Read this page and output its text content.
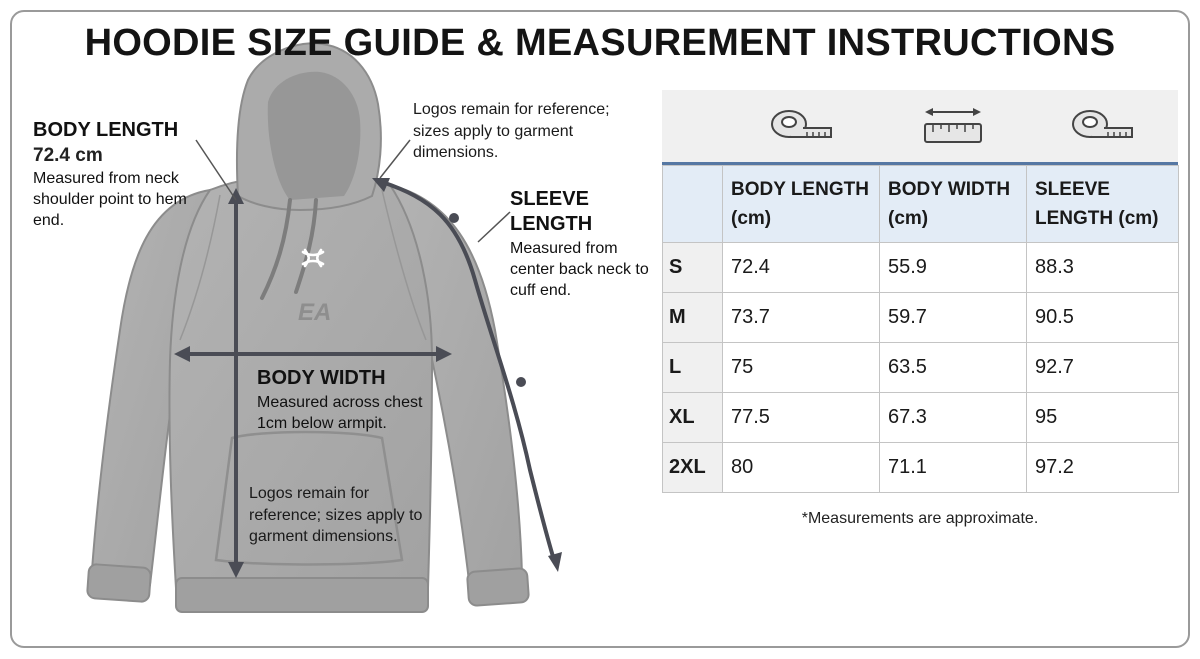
HOODIE SIZE GUIDE & MEASUREMENT INSTRUCTIONS
EA
BODY LENGTH
72.4 cm
Measured from neck shoulder point to hem end.
SLEEVE
LENGTH
Measured from center back neck to cuff end.
BODY WIDTH
Measured across chest 1cm below armpit.
Logos remain for reference; sizes apply to garment dimensions.
Logos remain for reference; sizes apply to garment dimensions.
	BODY LENGTH (cm)	BODY WIDTH (cm)	SLEEVE LENGTH (cm)
S	72.4	55.9	88.3
M	73.7	59.7	90.5
L	75	63.5	92.7
XL	77.5	67.3	95
2XL	80	71.1	97.2
*Measurements are approximate.
